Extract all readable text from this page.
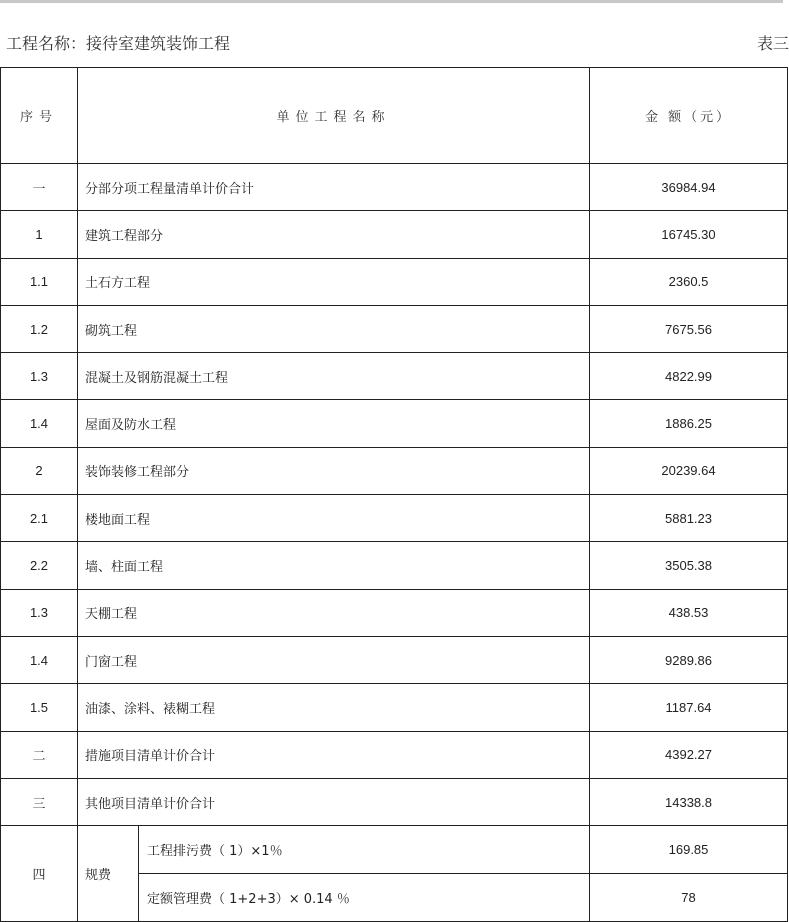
工程名称：接待室建筑装饰工程	表三
序号	单位工程名称		金 额（元）
一	分部分项工程量清单计价合计		36984.94
1	建筑工程部分		16745.30
1.1	土石方工程		2360.5
1.2	砌筑工程		7675.56
1.3	混凝土及钢筋混凝土工程		4822.99
1.4	屋面及防水工程		1886.25
2	装饰装修工程部分		20239.64
2.1	楼地面工程		5881.23
2.2	墙、柱面工程		3505.38
1.3	天棚工程		438.53
1.4	门窗工程		9289.86
1.5	油漆、涂料、裱糊工程		1187.64
二	措施项目清单计价合计		4392.27
三	其他项目清单计价合计		14338.8
四	规费	工程排污费（ 1）×1％	169.85
		定额管理费（ 1+2+3）× 0.14 ％	78
